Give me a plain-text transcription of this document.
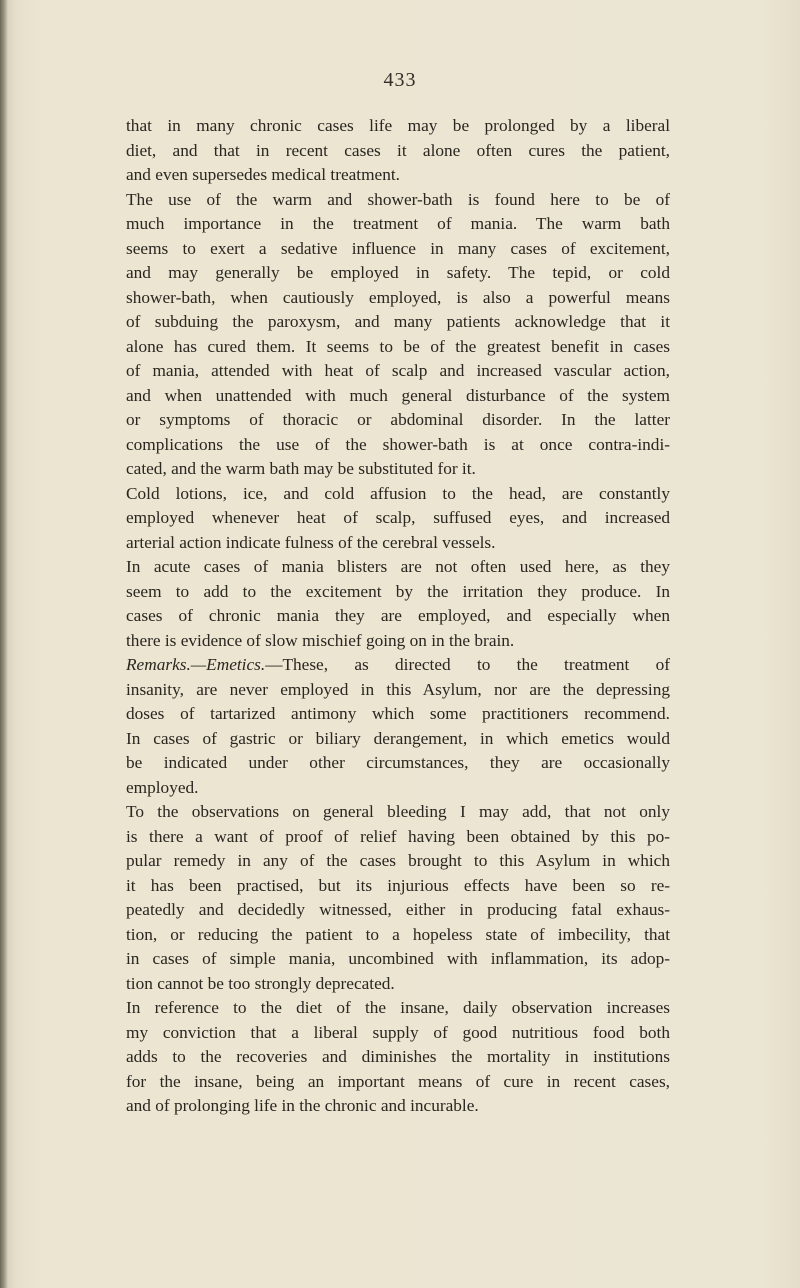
433
that in many chronic cases life may be prolonged by a liberal
diet, and that in recent cases it alone often cures the patient,
and even supersedes medical treatment.
The use of the warm and shower-bath is found here to be of
much importance in the treatment of mania. The warm bath
seems to exert a sedative influence in many cases of excitement,
and may generally be employed in safety. The tepid, or cold
shower-bath, when cautiously employed, is also a powerful means
of subduing the paroxysm, and many patients acknowledge that it
alone has cured them. It seems to be of the greatest benefit in cases
of mania, attended with heat of scalp and increased vascular action,
and when unattended with much general disturbance of the system
or symptoms of thoracic or abdominal disorder. In the latter
complications the use of the shower-bath is at once contra-indi-
cated, and the warm bath may be substituted for it.
Cold lotions, ice, and cold affusion to the head, are constantly
employed whenever heat of scalp, suffused eyes, and increased
arterial action indicate fulness of the cerebral vessels.
In acute cases of mania blisters are not often used here, as they
seem to add to the excitement by the irritation they produce. In
cases of chronic mania they are employed, and especially when
there is evidence of slow mischief going on in the brain.
Remarks.—Emetics.—These, as directed to the treatment of
insanity, are never employed in this Asylum, nor are the depressing
doses of tartarized antimony which some practitioners recommend.
In cases of gastric or biliary derangement, in which emetics would
be indicated under other circumstances, they are occasionally
employed.
To the observations on general bleeding I may add, that not only
is there a want of proof of relief having been obtained by this po-
pular remedy in any of the cases brought to this Asylum in which
it has been practised, but its injurious effects have been so re-
peatedly and decidedly witnessed, either in producing fatal exhaus-
tion, or reducing the patient to a hopeless state of imbecility, that
in cases of simple mania, uncombined with inflammation, its adop-
tion cannot be too strongly deprecated.
In reference to the diet of the insane, daily observation increases
my conviction that a liberal supply of good nutritious food both
adds to the recoveries and diminishes the mortality in institutions
for the insane, being an important means of cure in recent cases,
and of prolonging life in the chronic and incurable.
